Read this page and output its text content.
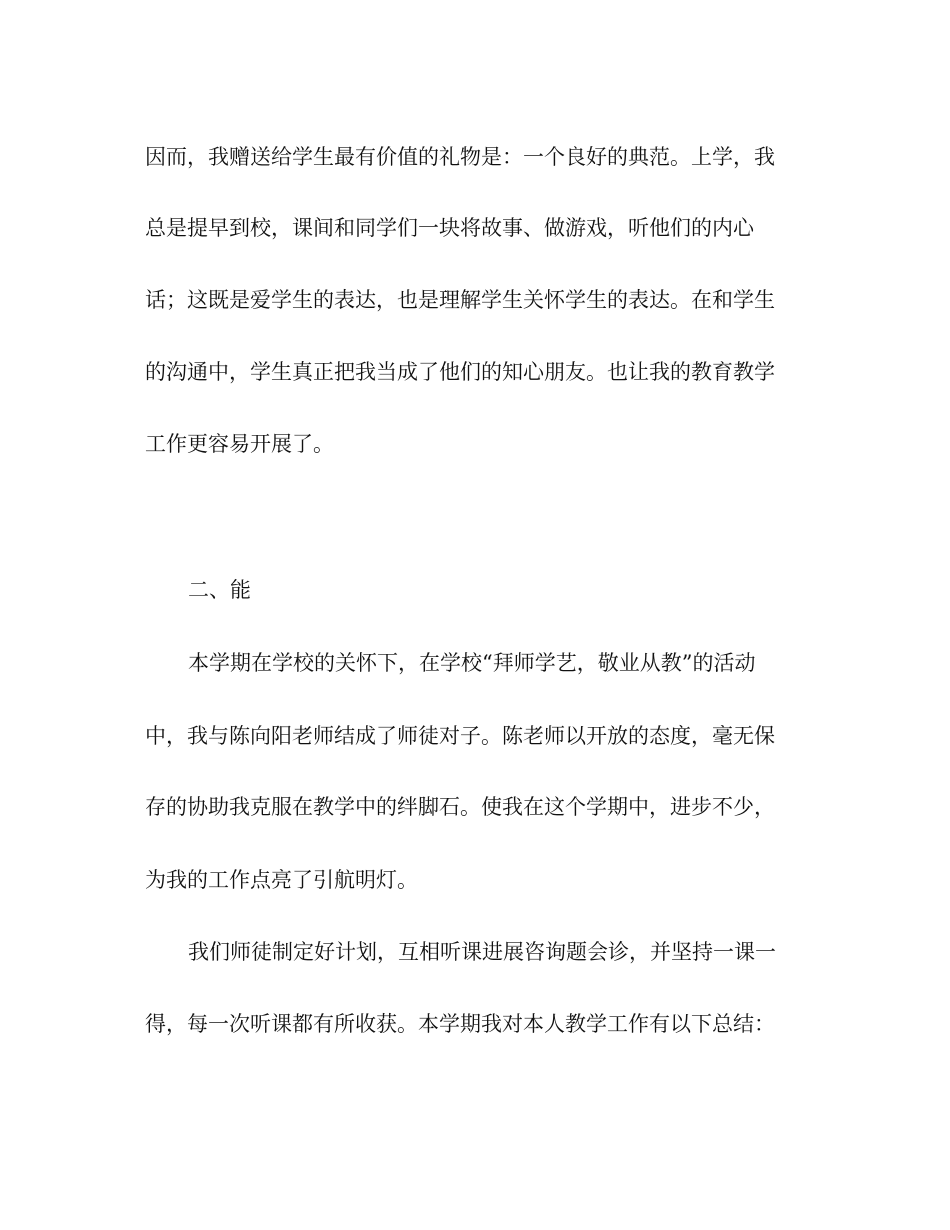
因而，我赠送给学生最有价值的礼物是：一个良好的典范。上学，我

总是提早到校，课间和同学们一块将故事、做游戏，听他们的内心

话；这既是爱学生的表达，也是理解学生关怀学生的表达。在和学生

的沟通中，学生真正把我当成了他们的知心朋友。也让我的教育教学

工作更容易开展了。

二、能

本学期在学校的关怀下，在学校“拜师学艺，敬业从教”的活动

中，我与陈向阳老师结成了师徒对子。陈老师以开放的态度，毫无保

存的协助我克服在教学中的绊脚石。使我在这个学期中，进步不少，

为我的工作点亮了引航明灯。

我们师徒制定好计划，互相听课进展咨询题会诊，并坚持一课一

得，每一次听课都有所收获。本学期我对本人教学工作有以下总结：
